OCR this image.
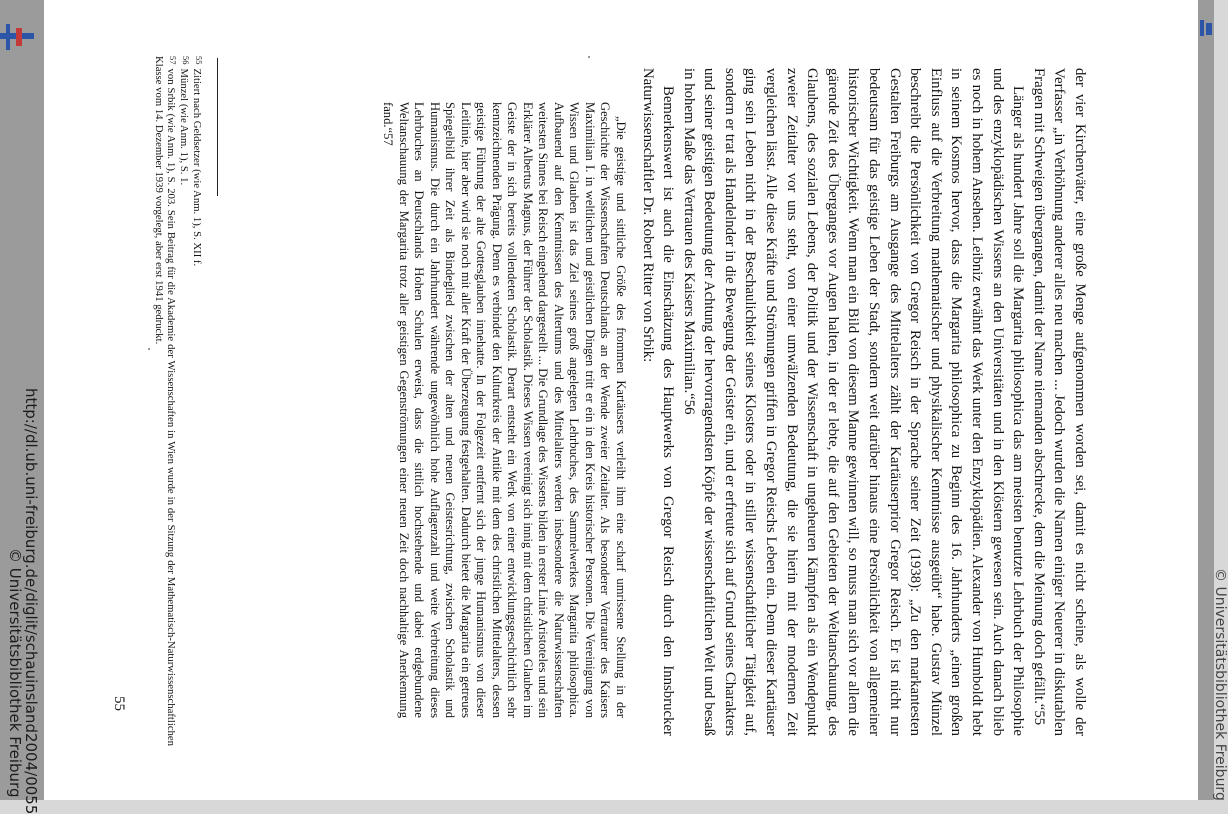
© Universitätsbibliothek Freiburg

der vier Kirchenväter, eine große Menge aufgenommen worden sei, damit es nicht scheine, als wolle der Verfasser „in Verhöhnung anderer alles neu machen ... Jedoch wurden die Namen einiger Neuerer in diskutablen Fragen mit Schweigen übergangen, damit der Name niemanden abschrecke, dem die Meinung doch gefällt.“55

Länger als hundert Jahre soll die Margarita philosophica das am meisten benutzte Lehrbuch der Philosophie und des enzyklopädischen Wissens an den Universitäten und in den Klöstern gewesen sein. Auch danach blieb es noch in hohem Ansehen. Leibniz erwähnt das Werk unter den Enzyklopädien. Alexander von Humboldt hebt in seinem Kosmos hervor, dass die Margarita philosophica zu Beginn des 16. Jahrhunderts „einen großen Einfluss auf die Verbreitung mathematischer und physikalischer Kenntnisse ausgeübt“ habe. Gustav Münzel beschreibt die Persönlichkeit von Gregor Reisch in der Sprache seiner Zeit (1938): „Zu den markantesten Gestalten Freiburgs am Ausgange des Mittelalters zählt der Kartäuserprior Gregor Reisch. Er ist nicht nur bedeutsam für das geistige Leben der Stadt, sondern weit darüber hinaus eine Persönlichkeit von allgemeiner historischer Wichtigkeit. Wenn man ein Bild von diesem Manne gewinnen will, so muss man sich vor allem die gärende Zeit des Überganges vor Augen halten, in der er lebte, die auf den Gebieten der Weltanschauung, des Glaubens, des sozialen Lebens, der Politik und der Wissenschaft in ungeheuren Kämpfen als ein Wendepunkt zweier Zeitalter vor uns steht, von einer umwälzenden Bedeutung, die sie hierin mit der modernen Zeit vergleichen lässt. Alle diese Kräfte und Strömungen griffen in Gregor Reischs Leben ein. Denn dieser Kartäuser ging sein Leben nicht in der Beschaulichkeit seines Klosters oder in stiller wissenschaftlicher Tätigkeit auf, sondern er trat als Handelnder in die Bewegung der Geister ein, und er erfreute sich auf Grund seines Charakters und seiner geistigen Bedeutung der Achtung der hervorragendsten Köpfe der wissenschaftlichen Welt und besaß in hohem Maße das Vertrauen des Kaisers Maximilian.“56

Bemerkenswert ist auch die Einschätzung des Hauptwerks von Gregor Reisch durch den Innsbrucker Naturwissenschaftler Dr. Robert Ritter von Srbik:

„Die geistige und sittliche Größe des frommen Kartäusers verleiht ihm eine scharf umrissene Stellung in der Geschichte der Wissenschaften Deutschlands an der Wende zweier Zeitalter. Als besonderer Vertrauter des Kaisers Maximilian I. in weltlichen und geistlichen Dingen tritt er ein in den Kreis historischer Personen. Die Vereinigung von Wissen und Glauben ist das Ziel seines groß angelegten Lehrbuches, des Sammelwerkes Margarita philosophica. Aufbauend auf den Kenntnissen des Altertums und des Mittelalters werden insbesondere die Naturwissenschaften weitesten Sinnes bei Reisch eingehend dargestellt ... Die Grundlage des Wissens bilden in erster Linie Aristoteles und sein Erklärer Albertus Magnus, der Führer der Scholastik. Dieses Wissen vereinigt sich innig mit dem christlichen Glauben im Geiste der in sich bereits vollendeten Scholastik. Derart entsteht ein Werk von einer entwicklungsgeschichtlich sehr kennzeichnenden Prägung. Denn es verbindet den Kulturkreis der Antike mit dem des christlichen Mittelalters, dessen geistige Führung der alte Gottesglauben innehatte. In der Folgezeit entfernt sich der junge Humanismus von dieser Leitlinie, hier aber wird sie noch mit aller Kraft der Überzeugung festgehalten. Dadurch bietet die Margarita ein getreues Spiegelbild ihrer Zeit als Bindeglied zwischen der alten und neuen Geistesrichtung, zwischen Scholastik und Humanismus. Die durch ein Jahrhundert währende ungewöhnlich hohe Auflagenzahl und weite Verbreitung dieses Lehrbuches an Deutschlands Hohen Schulen erweist, dass die sittlich hochstehende und dabei erdgebundene Weltanschauung der Margarita trotz aller geistigen Gegenströmungen einer neuen Zeit doch nachhaltige Anerkennung fand.“57

55Zitiert nach Geldsetzer (wie Anm. 1), S. XII f.
56Münzel (wie Anm. 1), S. 1.
57von Srbik (wie Anm. 1), S. 203. Sein Beitrag für die Akademie der Wissenschaften in Wien wurde in der Sitzung der Mathematisch-Naturwissenschaftlichen Klasse vom 14. Dezember 1939 vorgelegt, aber erst 1941 gedruckt.
55
http://dl.ub.uni-freiburg.de/diglit/schauinsland2004/0055
© Universitätsbibliothek Freiburg
